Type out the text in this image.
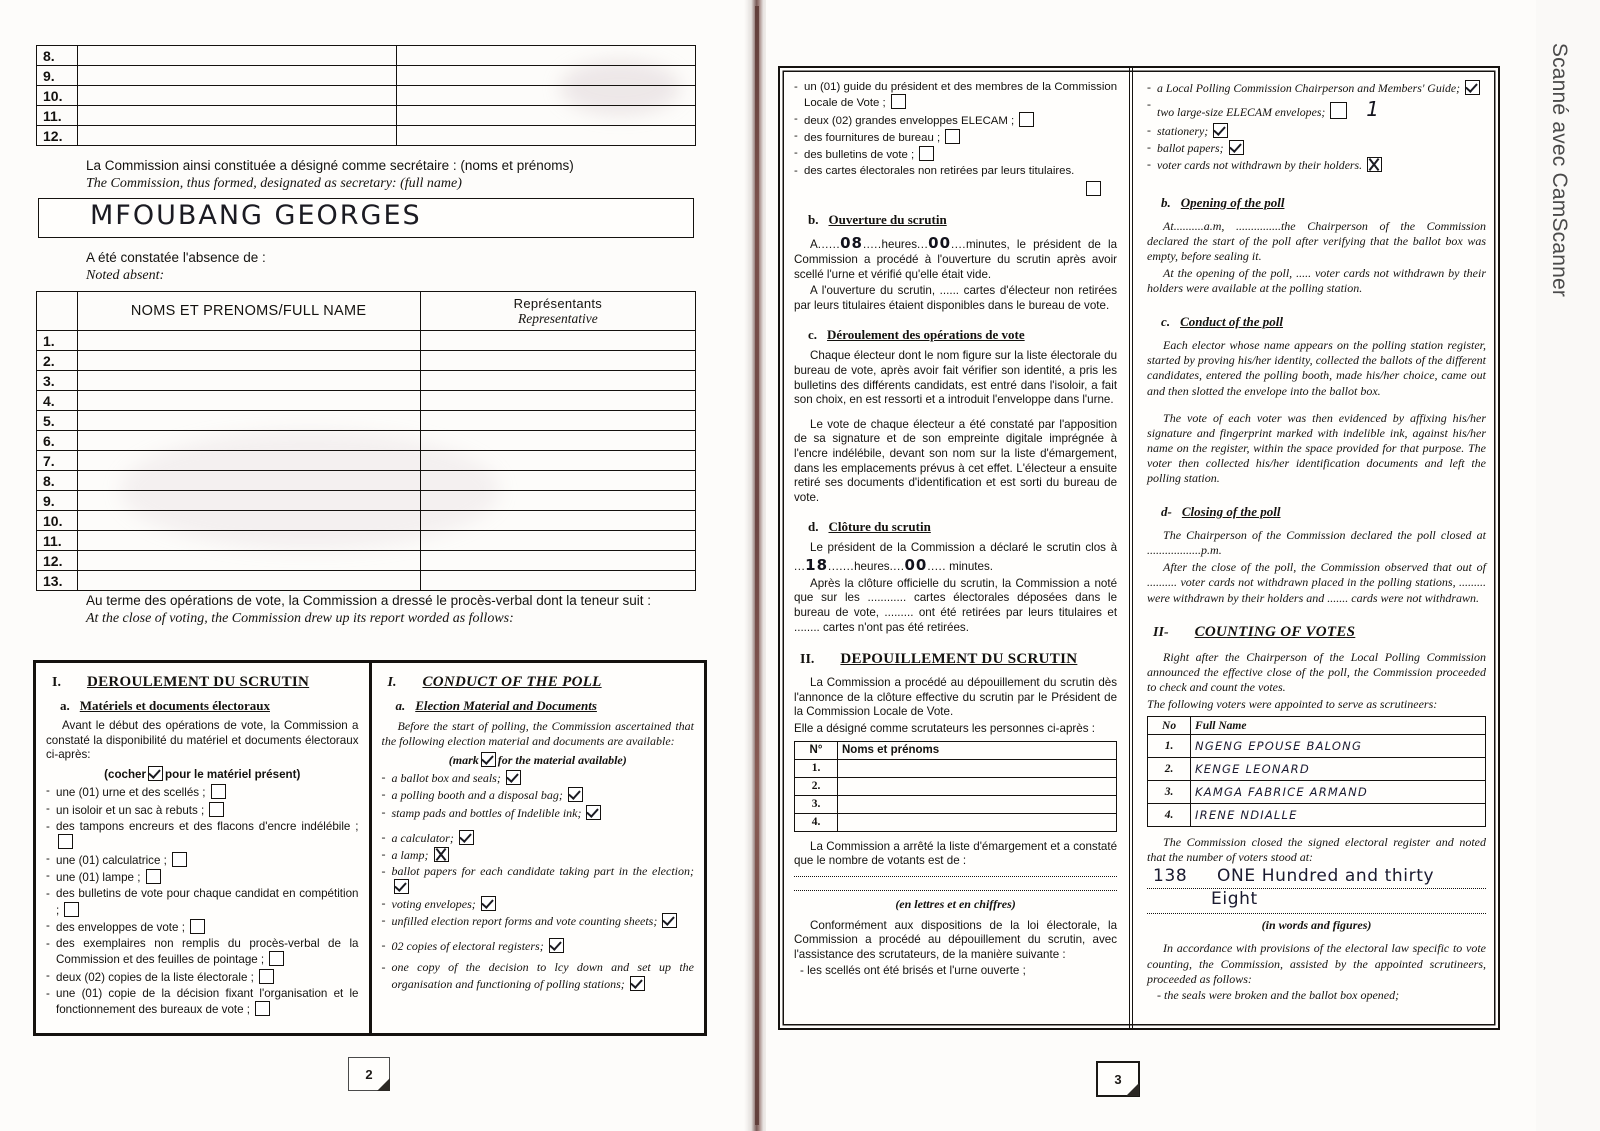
8.		
9.		
10.		
11.		
12.		
La Commission ainsi constituée a désigné comme secrétaire : (noms et prénoms)
The Commission, thus formed, designated as secretary: (full name)
MFOUBANG GEORGES
A été constatée l'absence de :
Noted absent:
	NOMS ET PRENOMS/FULL NAME	Représentants
Representative

1.		
2.		
3.		
4.		
5.		
6.		
7.		
8.		
9.		
10.		
11.		
12.		
13.		
Au terme des opérations de vote, la Commission a dressé le procès-verbal dont la teneur suit :
At the close of voting, the Commission drew up its report worded as follows:
I. DEROULEMENT DU SCRUTIN
a. Matériels et documents électoraux
Avant le début des opérations de vote, la Commission a constaté la disponibilité du matériel et documents électoraux ci-après:
(cocher pour le matériel présent)
- une (01) urne et des scellés ;
- un isoloir et un sac à rebuts ;
- des tampons encreurs et des flacons d'encre indélébile ;
- une (01) calculatrice ;
- une (01) lampe ;
- des bulletins de vote pour chaque candidat en compétition ;
- des enveloppes de vote ;
- des exemplaires non remplis du procès-verbal de la Commission et des feuilles de pointage ;
- deux (02) copies de la liste électorale ;
- une (01) copie de la décision fixant l'organisation et le fonctionnement des bureaux de vote ;
I. CONDUCT OF THE POLL
a. Election Material and Documents
Before the start of polling, the Commission ascertained that the following election material and documents are available:
(mark for the material available)
- a ballot box and seals;
- a polling booth and a disposal bag;
- stamp pads and bottles of Indelible ink;
- a calculator;
- a lamp;
- ballot papers for each candidate taking part in the election;
- voting envelopes;
- unfilled election report forms and vote counting sheets;
- 02 copies of electoral registers;
- one copy of the decision to lcy down and set up the organisation and functioning of polling stations;
- un (01) guide du président et des membres de la Commission Locale de Vote ;
- deux (02) grandes enveloppes ELECAM ;
- des fournitures de bureau ;
- des bulletins de vote ;
- des cartes électorales non retirées par leurs titulaires.
b. Ouverture du scrutin
A......08.....heures...00....minutes, le président de la Commission a procédé à l'ouverture du scrutin après avoir scellé l'urne et vérifié qu'elle était vide.
A l'ouverture du scrutin, ...... cartes d'électeur non retirées par leurs titulaires étaient disponibles dans le bureau de vote.
c. Déroulement des opérations de vote
Chaque électeur dont le nom figure sur la liste électorale du bureau de vote, après avoir fait vérifier son identité, a pris les bulletins des différents candidats, est entré dans l'isoloir, a fait son choix, en est ressorti et a introduit l'enveloppe dans l'urne.
Le vote de chaque électeur a été constaté par l'apposition de sa signature et de son empreinte digitale imprégnée à l'encre indélébile, devant son nom sur la liste d'émargement, dans les emplacements prévus à cet effet. L'électeur a ensuite retiré ses documents d'identification et est sorti du bureau de vote.
d. Clôture du scrutin
Le président de la Commission a déclaré le scrutin clos à ...18.......heures....00..... minutes.
Après la clôture officielle du scrutin, la Commission a noté que sur les ............ cartes électorales déposées dans le bureau de vote, ......... ont été retirées par leurs titulaires et ........ cartes n'ont pas été retirées.
II. DEPOUILLEMENT DU SCRUTIN
La Commission a procédé au dépouillement du scrutin dès l'annonce de la clôture effective du scrutin par le Président de la Commission Locale de Vote.
Elle a désigné comme scrutateurs les personnes ci-après :
N°	Noms et prénoms
1.	
2.	
3.	
4.	
La Commission a arrêté la liste d'émargement et a constaté que le nombre de votants est de :
(en lettres et en chiffres)
Conformément aux dispositions de la loi électorale, la Commission a procédé au dépouillement du scrutin, avec l'assistance des scrutateurs, de la manière suivante :
- les scellés ont été brisés et l'urne ouverte ;
- a Local Polling Commission Chairperson and Members' Guide;
- two large-size ELECAM envelopes; 1
- stationery;
- ballot papers;
- voter cards not withdrawn by their holders.
b. Opening of the poll
At..........a.m, ...............the Chairperson of the Commission declared the start of the poll after verifying that the ballot box was empty, before sealing it.
At the opening of the poll, ..... voter cards not withdrawn by their holders were available at the polling station.
c. Conduct of the poll
Each elector whose name appears on the polling station register, started by proving his/her identity, collected the ballots of the different candidates, entered the polling booth, made his/her choice, came out and then slotted the envelope into the ballot box.
The vote of each voter was then evidenced by affixing his/her signature and fingerprint marked with indelible ink, against his/her name on the register, within the space provided for that purpose. The voter then collected his/her identification documents and left the polling station.
d- Closing of the poll
The Chairperson of the Commission declared the poll closed at ..................p.m.
After the close of the poll, the Commission observed that out of .......... voter cards not withdrawn placed in the polling stations, ......... were withdrawn by their holders and ....... cards were not withdrawn.
II- COUNTING OF VOTES
Right after the Chairperson of the Local Polling Commission announced the effective close of the poll, the Commission proceeded to check and count the votes.
The following voters were appointed to serve as scrutineers:
No	Full Name
1.	NGENG EPOUSE BALONG
2.	KENGE LEONARD
3.	KAMGA FABRICE ARMAND
4.	IRENE NDIALLE
The Commission closed the signed electoral register and noted that the number of voters stood at:
138 ONE Hundred and thirty
Eight
(in words and figures)
In accordance with provisions of the electoral law specific to vote counting, the Commission, assisted by the appointed scrutineers, proceeded as follows:
- the seals were broken and the ballot box opened;
2	3
Scanné avec CamScanner
